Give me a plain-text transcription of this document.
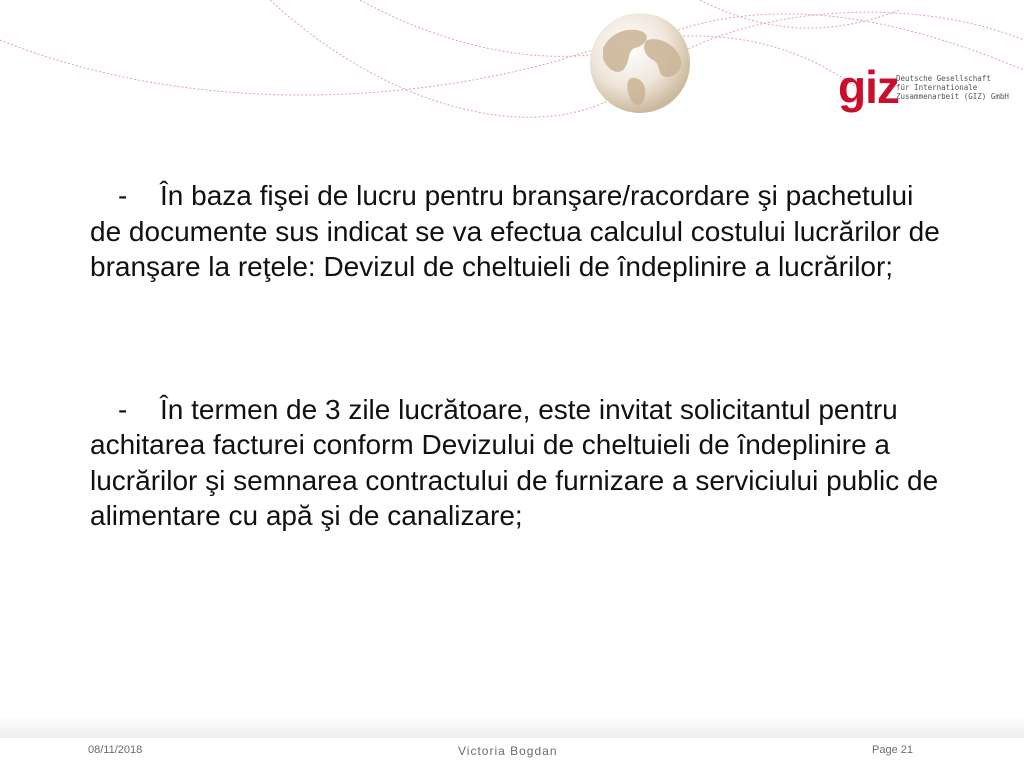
giz
Deutsche Gesellschaft
für Internationale
Zusammenarbeit (GIZ) GmbH

- În baza fişei de lucru pentru branşare/racordare şi pachetului de documente sus indicat se va efectua calculul costului lucrărilor de branşare la reţele: Devizul de cheltuieli de îndeplinire a lucrărilor;

- În termen de 3 zile lucrătoare, este invitat solicitantul pentru achitarea facturei conform Devizului de cheltuieli de îndeplinire a lucrărilor şi semnarea contractului de furnizare a serviciului public de alimentare cu apă şi de canalizare;

08/11/2018	Victoria Bogdan	Page 21
